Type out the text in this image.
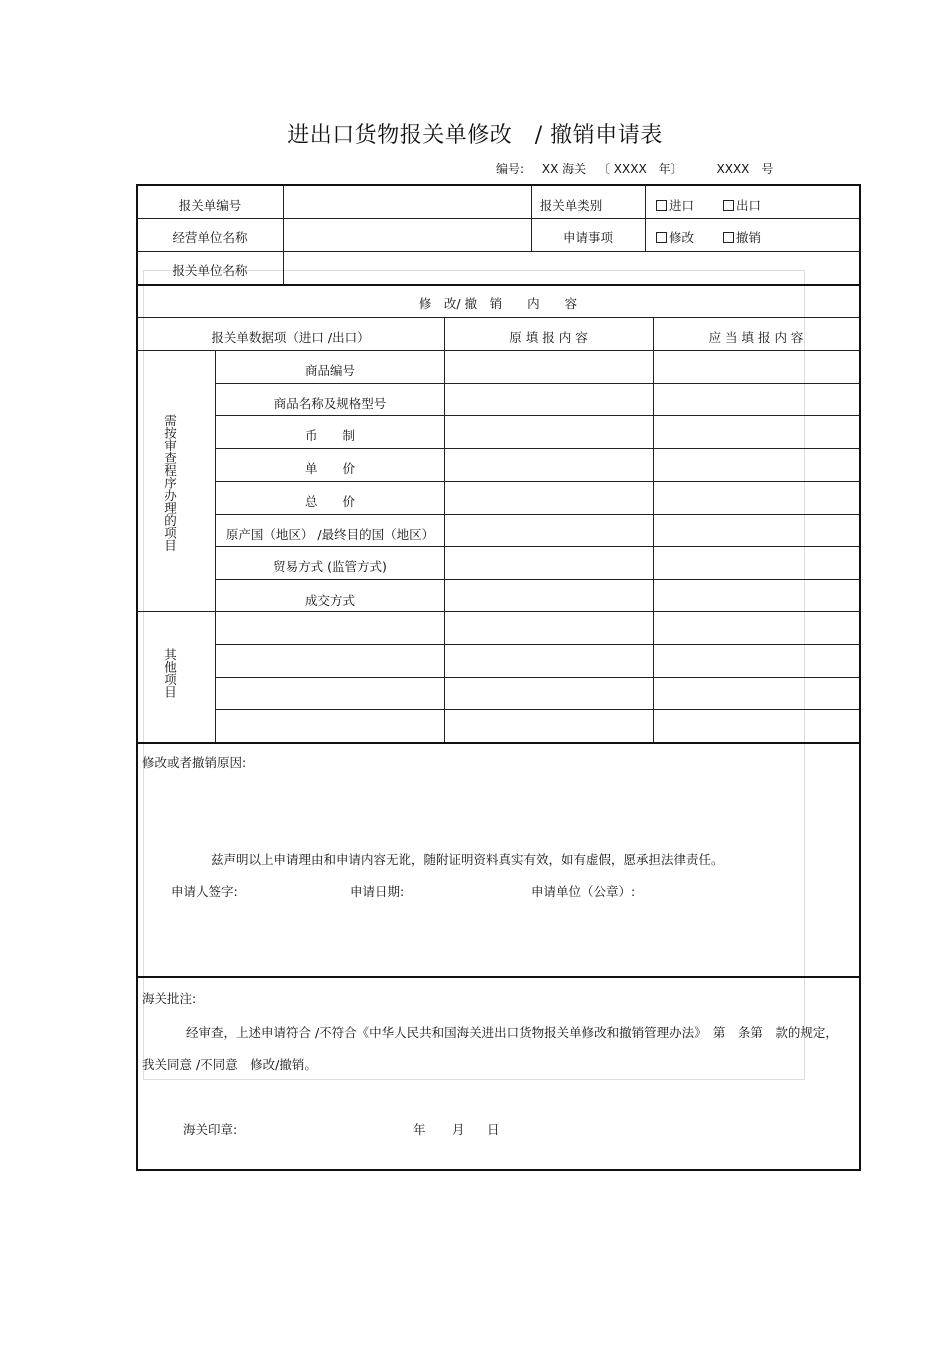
进出口货物报关单修改　/ 撤销申请表
编号: XX 海关 〔 XXXX　年〕	XXXX　号
报关单编号	报关单类别	进口	出口
经营单位名称	申请事项	修改	撤销
报关单位名称
修　改/ 撤　销　　内　　容
报关单数据项（进口 /出口）	原 填 报 内 容	应 当 填 报 内 容
需按审查程序办理的项目
商品编号
商品名称及规格型号
币　　制
单　　价
总　　价
原产国（地区） /最终目的国（地区）
贸易方式 (监管方式)
成交方式
其他项目
修改或者撤销原因:
兹声明以上申请理由和申请内容无讹，随附证明资料真实有效，如有虚假，愿承担法律责任。
申请人签字:	申请日期:	申请单位（公章）:
海关批注:
经审查，上述申请符合 /不符合《中华人民共和国海关进出口货物报关单修改和撤销管理办法》　第　条第　款的规定，
我关同意 /不同意　修改/撤销。
海关印章:	年 月 日
